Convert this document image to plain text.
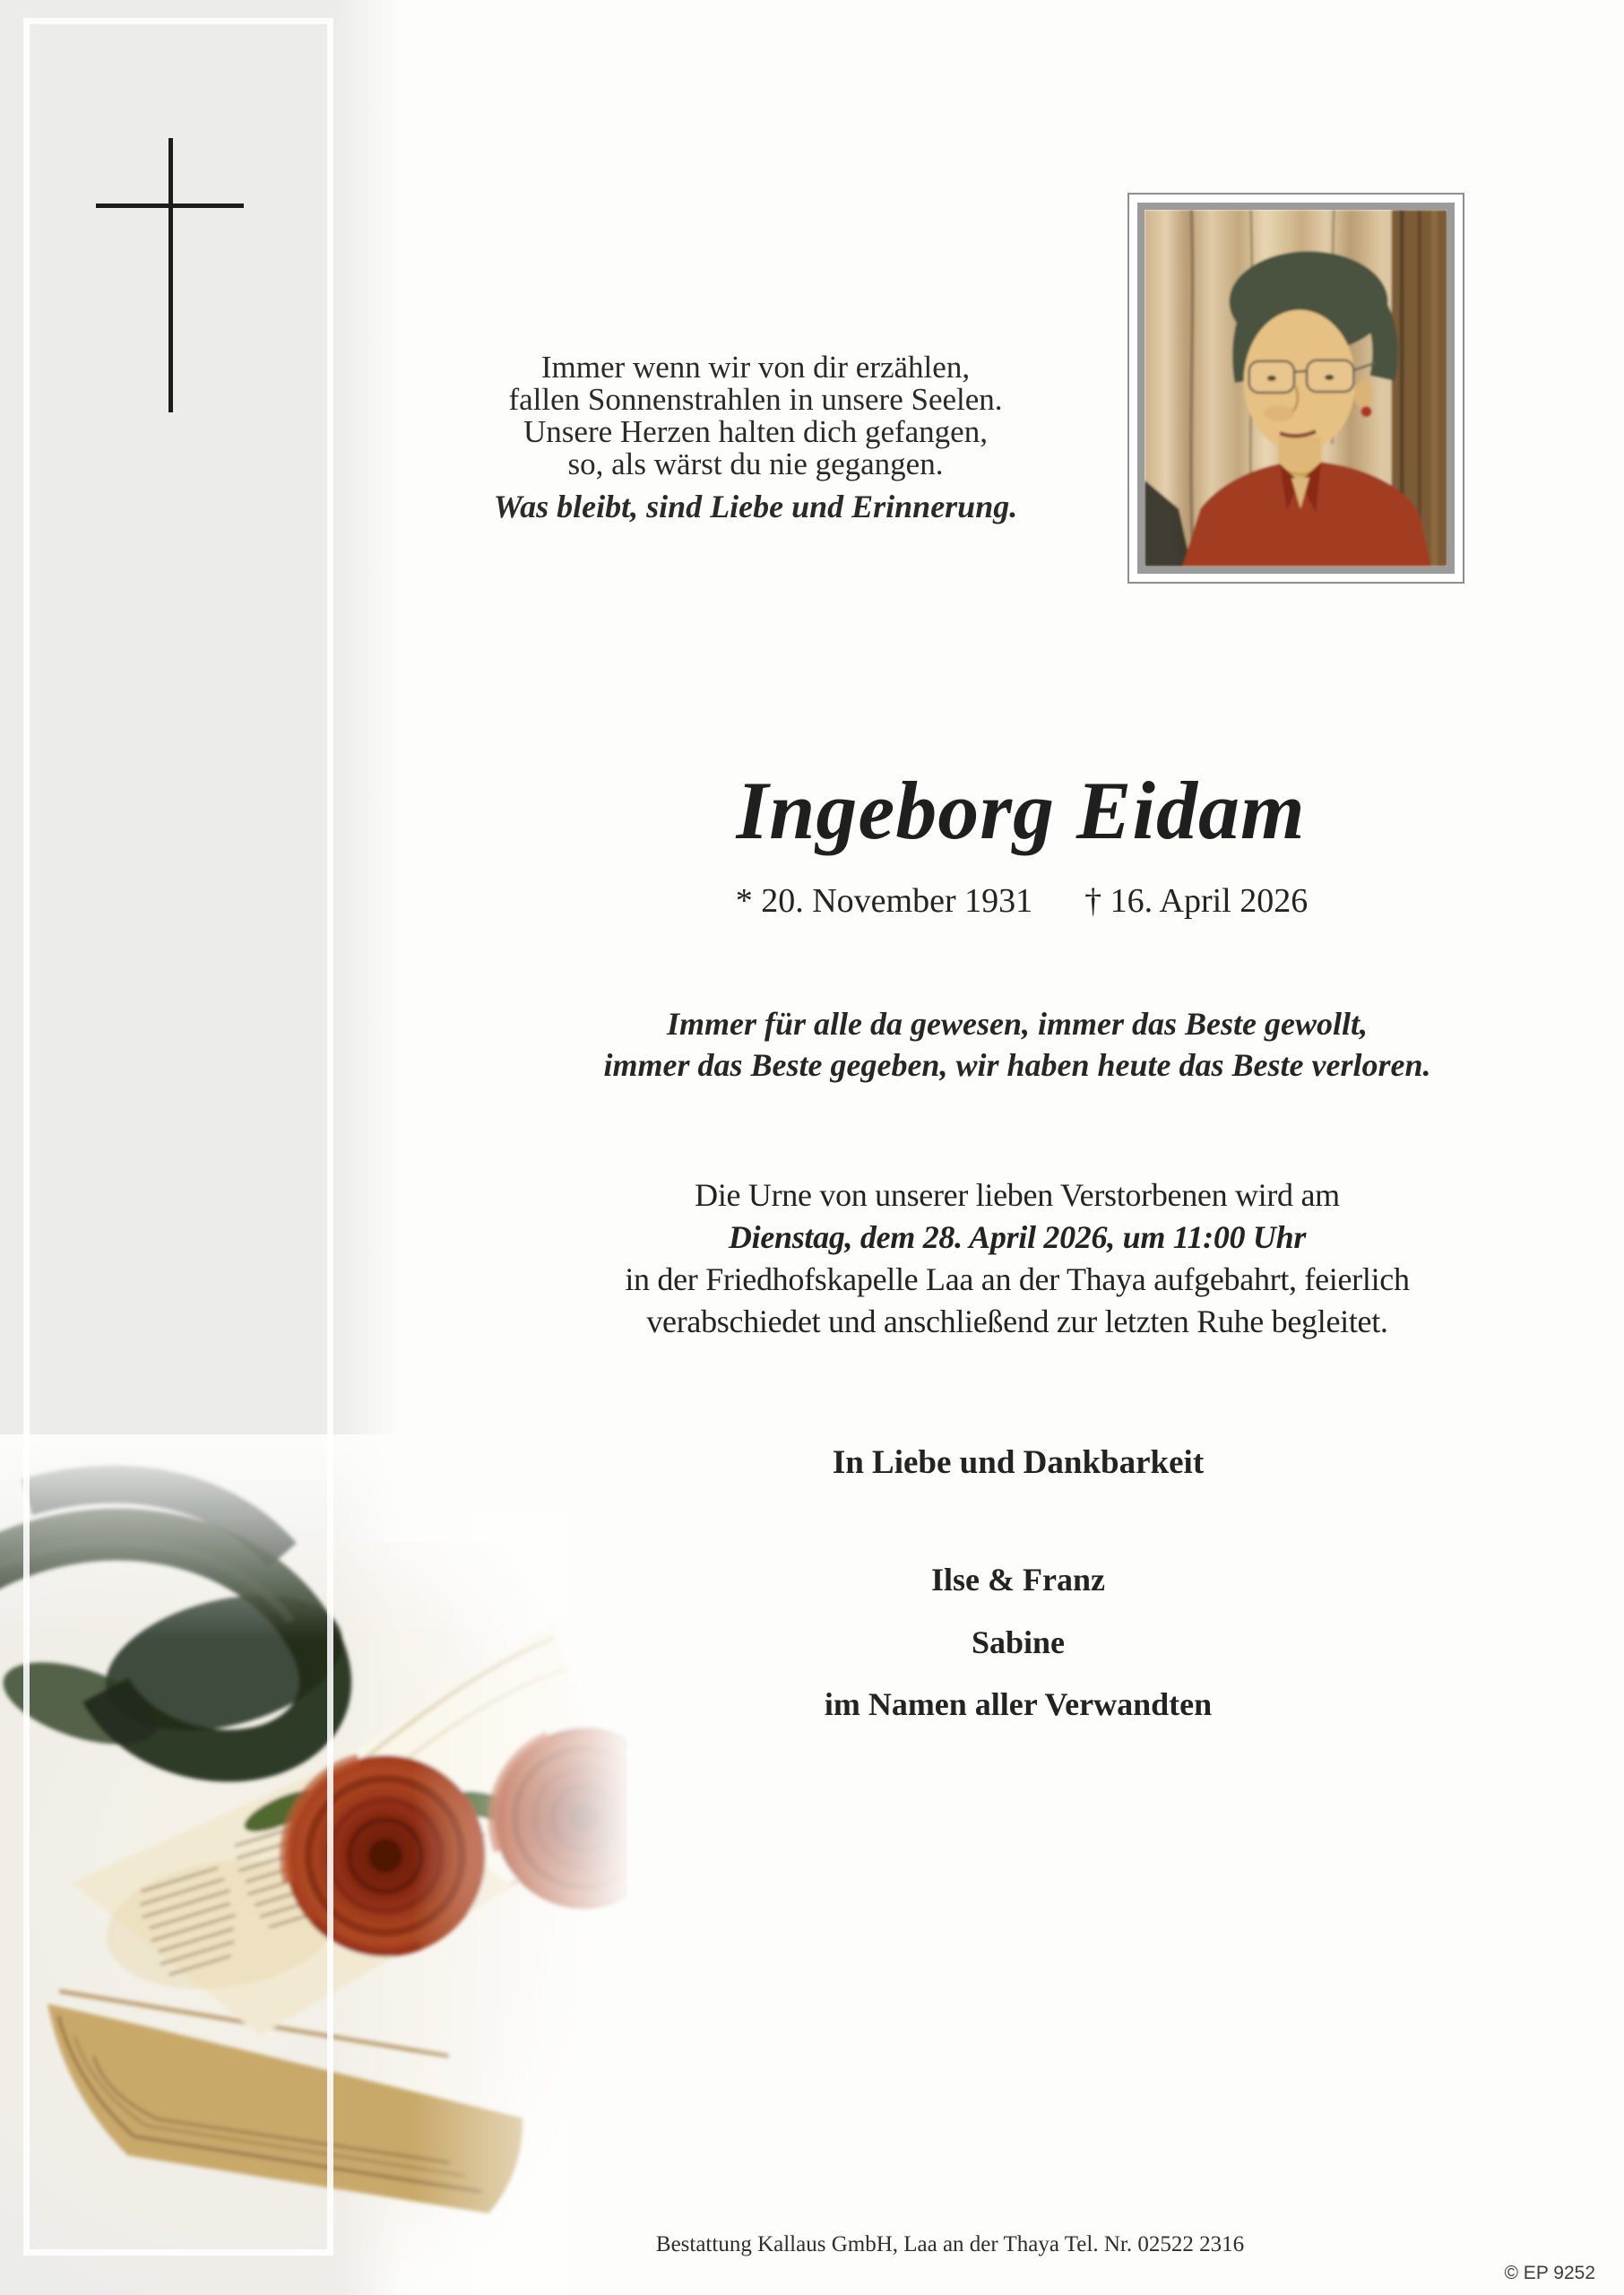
Immer wenn wir von dir erzählen,
fallen Sonnenstrahlen in unsere Seelen.
Unsere Herzen halten dich gefangen,
so, als wärst du nie gegangen.
Was bleibt, sind Liebe und Erinnerung.
Ingeborg Eidam
* 20. November 1931 † 16. April 2026
Immer für alle da gewesen, immer das Beste gewollt,
immer das Beste gegeben, wir haben heute das Beste verloren.
Die Urne von unserer lieben Verstorbenen wird am
Dienstag, dem 28. April 2026, um 11:00 Uhr
in der Friedhofskapelle Laa an der Thaya aufgebahrt, feierlich
verabschiedet und anschließend zur letzten Ruhe begleitet.
In Liebe und Dankbarkeit
Ilse & Franz
Sabine
im Namen aller Verwandten
Bestattung Kallaus GmbH, Laa an der Thaya Tel. Nr. 02522 2316
© EP 9252
